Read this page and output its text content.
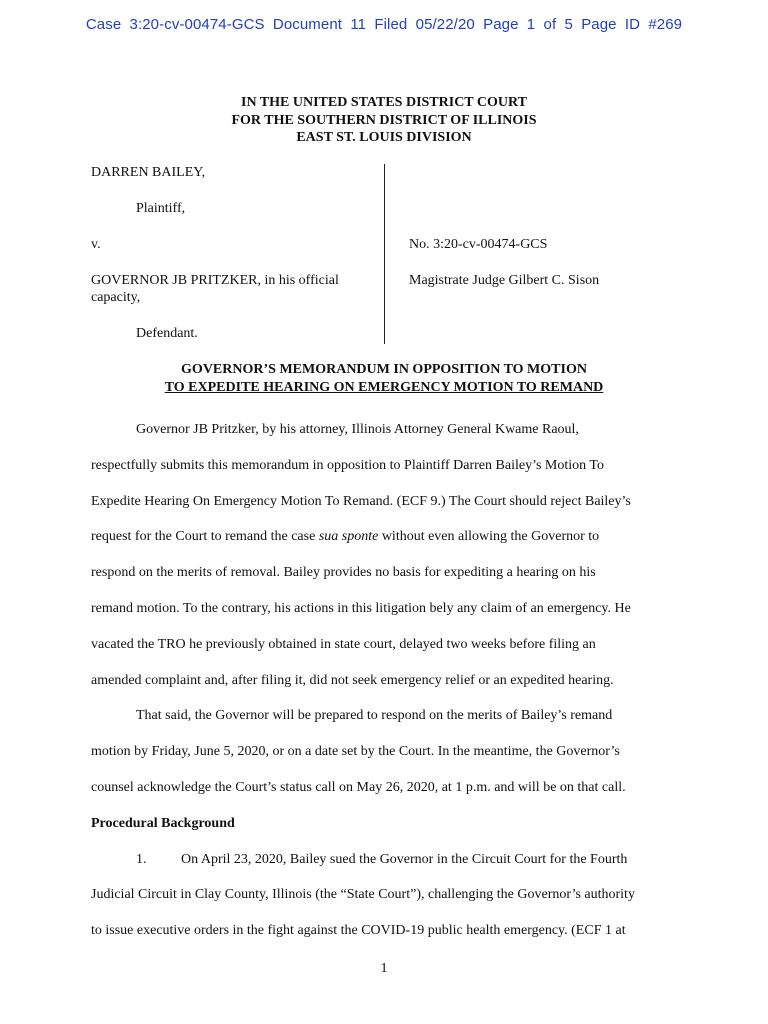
Case 3:20-cv-00474-GCS Document 11 Filed 05/22/20 Page 1 of 5 Page ID #269
IN THE UNITED STATES DISTRICT COURT
FOR THE SOUTHERN DISTRICT OF ILLINOIS
EAST ST. LOUIS DIVISION
DARREN BAILEY,
Plaintiff,
v.
GOVERNOR JB PRITZKER, in his official
capacity,
Defendant.
No. 3:20-cv-00474-GCS
Magistrate Judge Gilbert C. Sison
GOVERNOR’S MEMORANDUM IN OPPOSITION TO MOTION
TO EXPEDITE HEARING ON EMERGENCY MOTION TO REMAND
Governor JB Pritzker, by his attorney, Illinois Attorney General Kwame Raoul,
respectfully submits this memorandum in opposition to Plaintiff Darren Bailey’s Motion To
Expedite Hearing On Emergency Motion To Remand. (ECF 9.) The Court should reject Bailey’s
request for the Court to remand the case sua sponte without even allowing the Governor to
respond on the merits of removal. Bailey provides no basis for expediting a hearing on his
remand motion. To the contrary, his actions in this litigation bely any claim of an emergency. He
vacated the TRO he previously obtained in state court, delayed two weeks before filing an
amended complaint and, after filing it, did not seek emergency relief or an expedited hearing.
That said, the Governor will be prepared to respond on the merits of Bailey’s remand
motion by Friday, June 5, 2020, or on a date set by the Court. In the meantime, the Governor’s
counsel acknowledge the Court’s status call on May 26, 2020, at 1 p.m. and will be on that call.
Procedural Background
1. On April 23, 2020, Bailey sued the Governor in the Circuit Court for the Fourth
Judicial Circuit in Clay County, Illinois (the “State Court”), challenging the Governor’s authority
to issue executive orders in the fight against the COVID-19 public health emergency. (ECF 1 at
1
